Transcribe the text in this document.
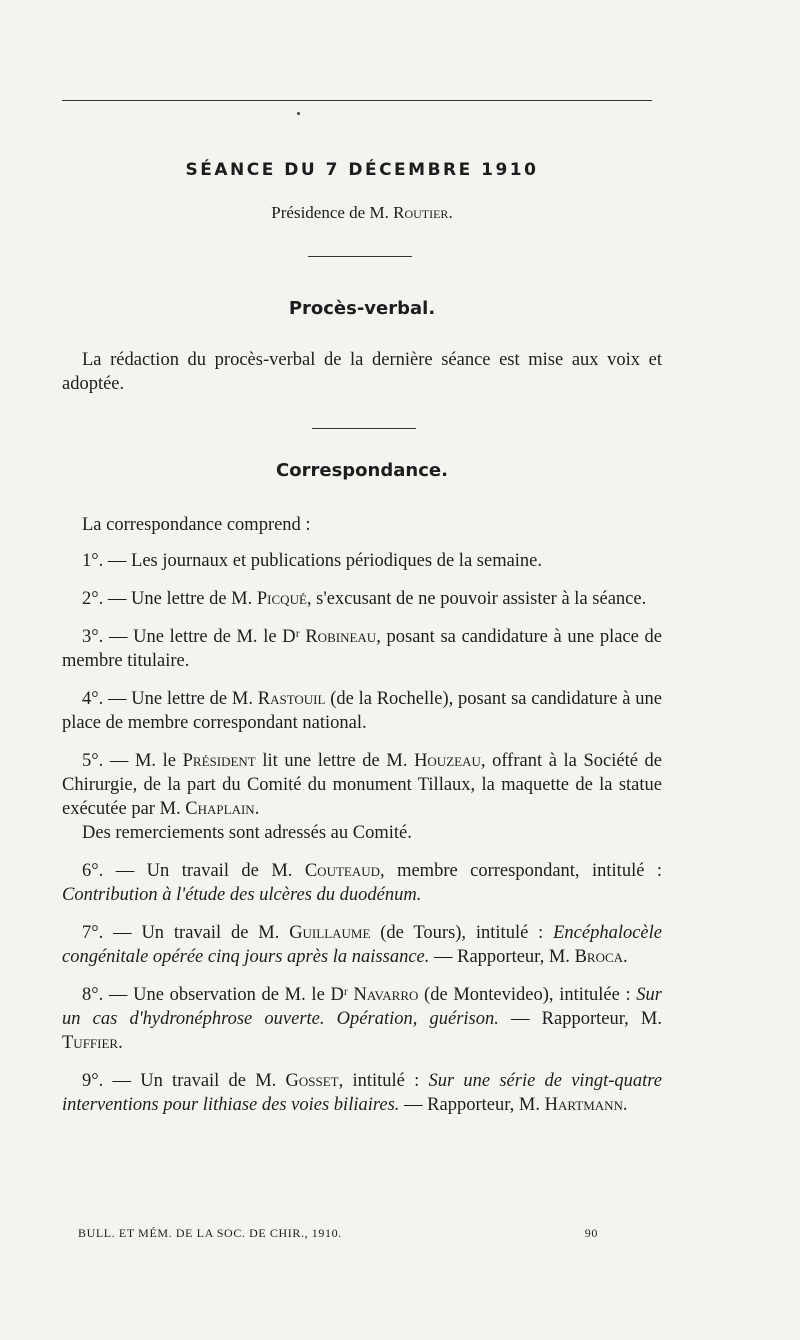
SÉANCE DU 7 DÉCEMBRE 1910
Présidence de M. Routier.
Procès-verbal.

La rédaction du procès-verbal de la dernière séance est mise aux voix et adoptée.

Correspondance.

La correspondance comprend :

1°. — Les journaux et publications périodiques de la semaine.

2°. — Une lettre de M. Picqué, s'excusant de ne pouvoir assister à la séance.

3°. — Une lettre de M. le Dʳ Robineau, posant sa candidature à une place de membre titulaire.

4°. — Une lettre de M. Rastouil (de la Rochelle), posant sa candidature à une place de membre correspondant national.

5°. — M. le Président lit une lettre de M. Houzeau, offrant à la Société de Chirurgie, de la part du Comité du monument Tillaux, la maquette de la statue exécutée par M. Chaplain.

Des remerciements sont adressés au Comité.

6°. — Un travail de M. Couteaud, membre correspondant, intitulé : Contribution à l'étude des ulcères du duodénum.

7°. — Un travail de M. Guillaume (de Tours), intitulé : Encéphalocèle congénitale opérée cinq jours après la naissance. — Rapporteur, M. Broca.

8°. — Une observation de M. le Dʳ Navarro (de Montevideo), intitulée : Sur un cas d'hydronéphrose ouverte. Opération, guérison. — Rapporteur, M. Tuffier.

9°. — Un travail de M. Gosset, intitulé : Sur une série de vingt-quatre interventions pour lithiase des voies biliaires. — Rapporteur, M. Hartmann.

BULL. ET MÉM. DE LA SOC. DE CHIR., 1910.	90
